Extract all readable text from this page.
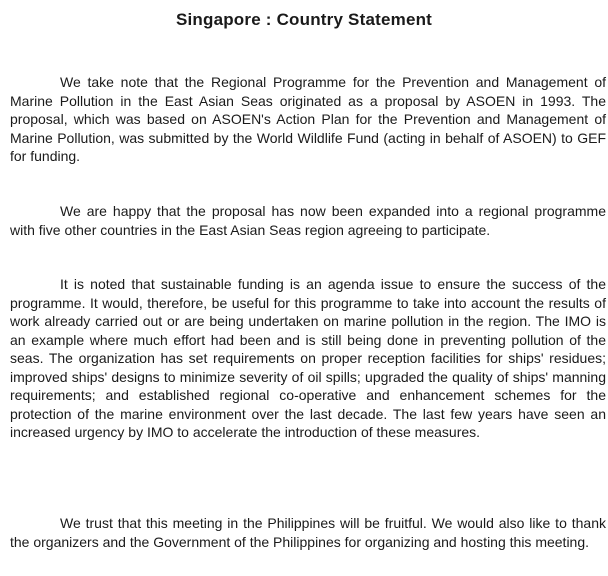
Singapore : Country Statement

We take note that the Regional Programme for the Prevention and Management of Marine Pollution in the East Asian Seas originated as a proposal by ASOEN in 1993. The proposal, which was based on ASOEN's Action Plan for the Prevention and Management of Marine Pollution, was submitted by the World Wildlife Fund (acting in behalf of ASOEN) to GEF for funding.

We are happy that the proposal has now been expanded into a regional programme with five other countries in the East Asian Seas region agreeing to participate.

It is noted that sustainable funding is an agenda issue to ensure the success of the programme. It would, therefore, be useful for this programme to take into account the results of work already carried out or are being undertaken on marine pollution in the region. The IMO is an example where much effort had been and is still being done in preventing pollution of the seas. The organization has set requirements on proper reception facilities for ships' residues; improved ships' designs to minimize severity of oil spills; upgraded the quality of ships' manning requirements; and established regional co-operative and enhancement schemes for the protection of the marine environment over the last decade. The last few years have seen an increased urgency by IMO to accelerate the introduction of these measures.

We trust that this meeting in the Philippines will be fruitful. We would also like to thank the organizers and the Government of the Philippines for organizing and hosting this meeting.
